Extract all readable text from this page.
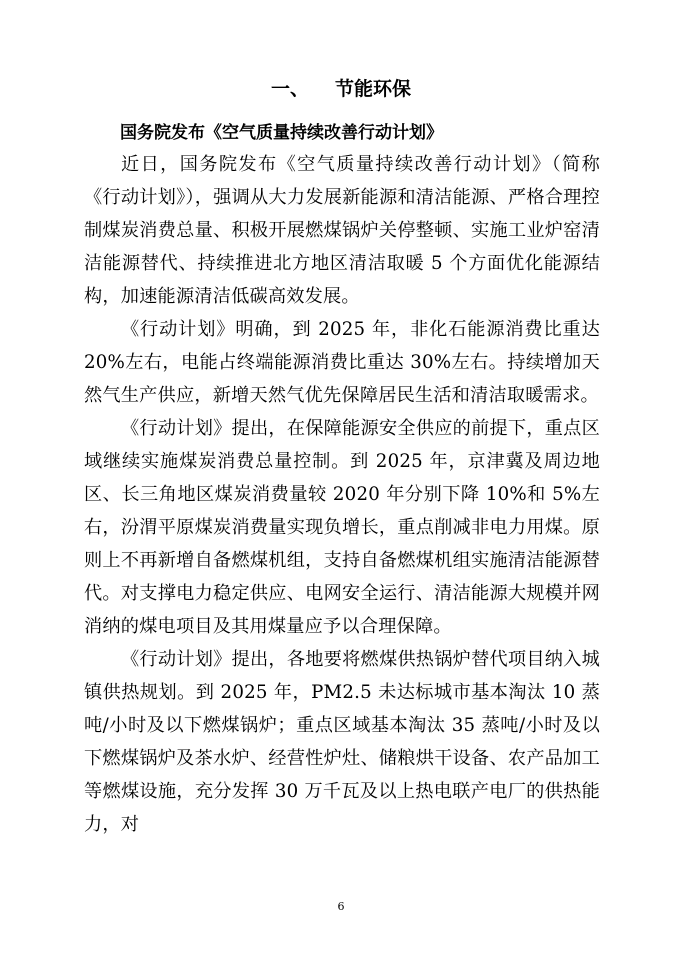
一、 节能环保
国务院发布《空气质量持续改善行动计划》

近日，国务院发布《空气质量持续改善行动计划》（简称《行动计划》），强调从大力发展新能源和清洁能源、严格合理控制煤炭消费总量、积极开展燃煤锅炉关停整顿、实施工业炉窑清洁能源替代、持续推进北方地区清洁取暖 5 个方面优化能源结构，加速能源清洁低碳高效发展。

《行动计划》明确，到 2025 年，非化石能源消费比重达 20%左右，电能占终端能源消费比重达 30%左右。持续增加天然气生产供应，新增天然气优先保障居民生活和清洁取暖需求。

《行动计划》提出，在保障能源安全供应的前提下，重点区域继续实施煤炭消费总量控制。到 2025 年，京津冀及周边地区、长三角地区煤炭消费量较 2020 年分别下降 10%和 5%左右，汾渭平原煤炭消费量实现负增长，重点削减非电力用煤。原则上不再新增自备燃煤机组，支持自备燃煤机组实施清洁能源替代。对支撑电力稳定供应、电网安全运行、清洁能源大规模并网消纳的煤电项目及其用煤量应予以合理保障。

《行动计划》提出，各地要将燃煤供热锅炉替代项目纳入城镇供热规划。到 2025 年，PM2.5 未达标城市基本淘汰 10 蒸吨/小时及以下燃煤锅炉；重点区域基本淘汰 35 蒸吨/小时及以下燃煤锅炉及茶水炉、经营性炉灶、储粮烘干设备、农产品加工等燃煤设施，充分发挥 30 万千瓦及以上热电联产电厂的供热能力，对

6
